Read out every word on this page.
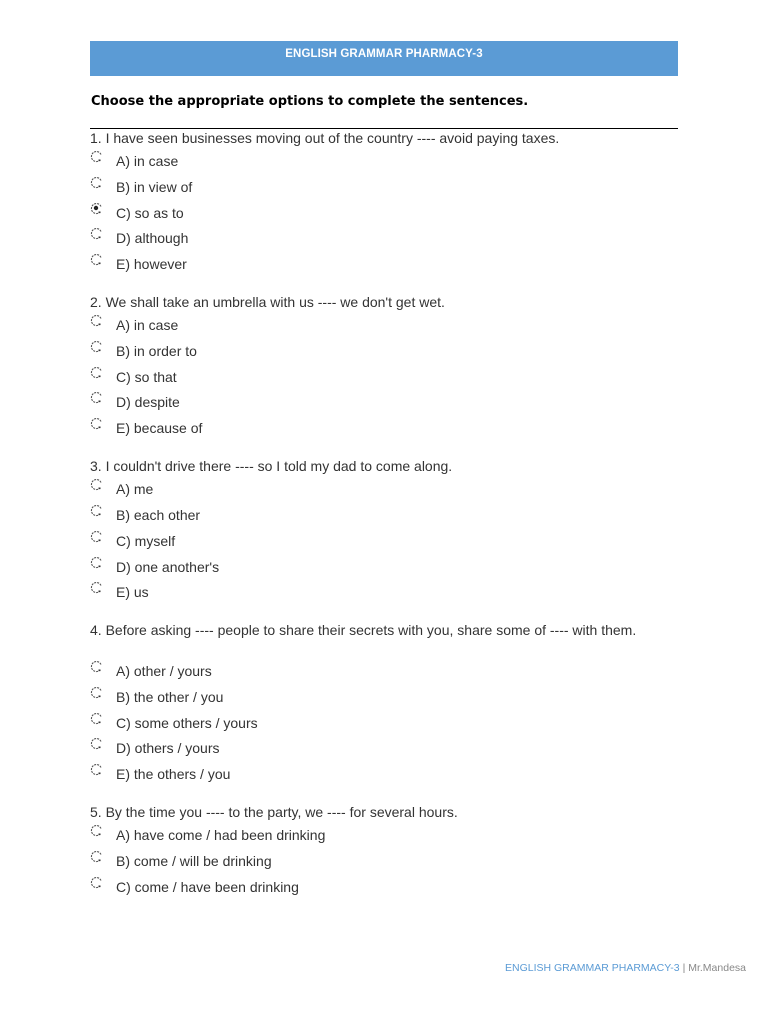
ENGLISH GRAMMAR PHARMACY-3
Choose the appropriate options to complete the sentences.
1. I have seen businesses moving out of the country ---- avoid paying taxes.
A) in case
B) in view of
C) so as to
D) although
E) however
2. We shall take an umbrella with us ---- we don't get wet.
A) in case
B) in order to
C) so that
D) despite
E) because of
3. I couldn't drive there ---- so I told my dad to come along.
A) me
B) each other
C) myself
D) one another's
E) us
4. Before asking ---- people to share their secrets with you, share some of ---- with them.
A) other / yours
B) the other / you
C) some others / yours
D) others / yours
E) the others / you
5. By the time you ---- to the party, we ---- for several hours.
A) have come / had been drinking
B) come / will be drinking
C) come / have been drinking
ENGLISH GRAMMAR PHARMACY-3 | Mr.Mandesa
